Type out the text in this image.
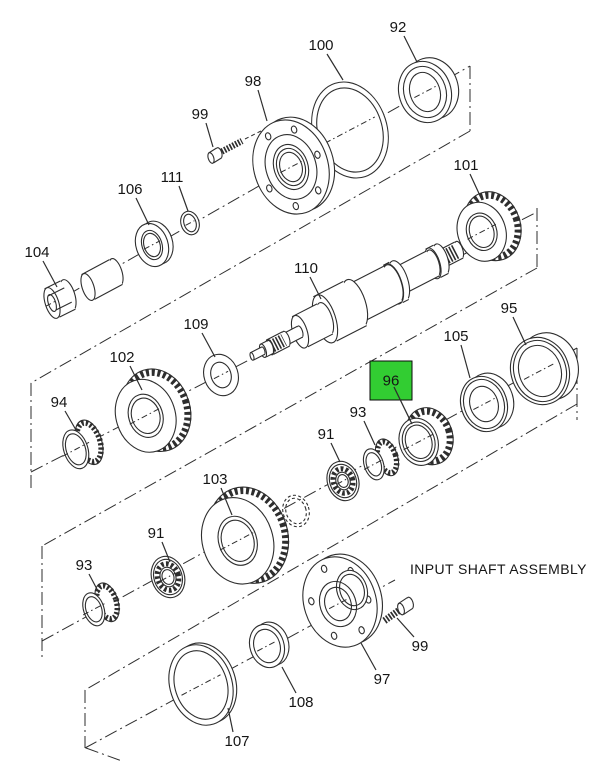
104
106
111
99
98
100
92
94
102
109
110
101
93
91
103
91
93
105
95
107
108
97
99
96
INPUT SHAFT ASSEMBLY
